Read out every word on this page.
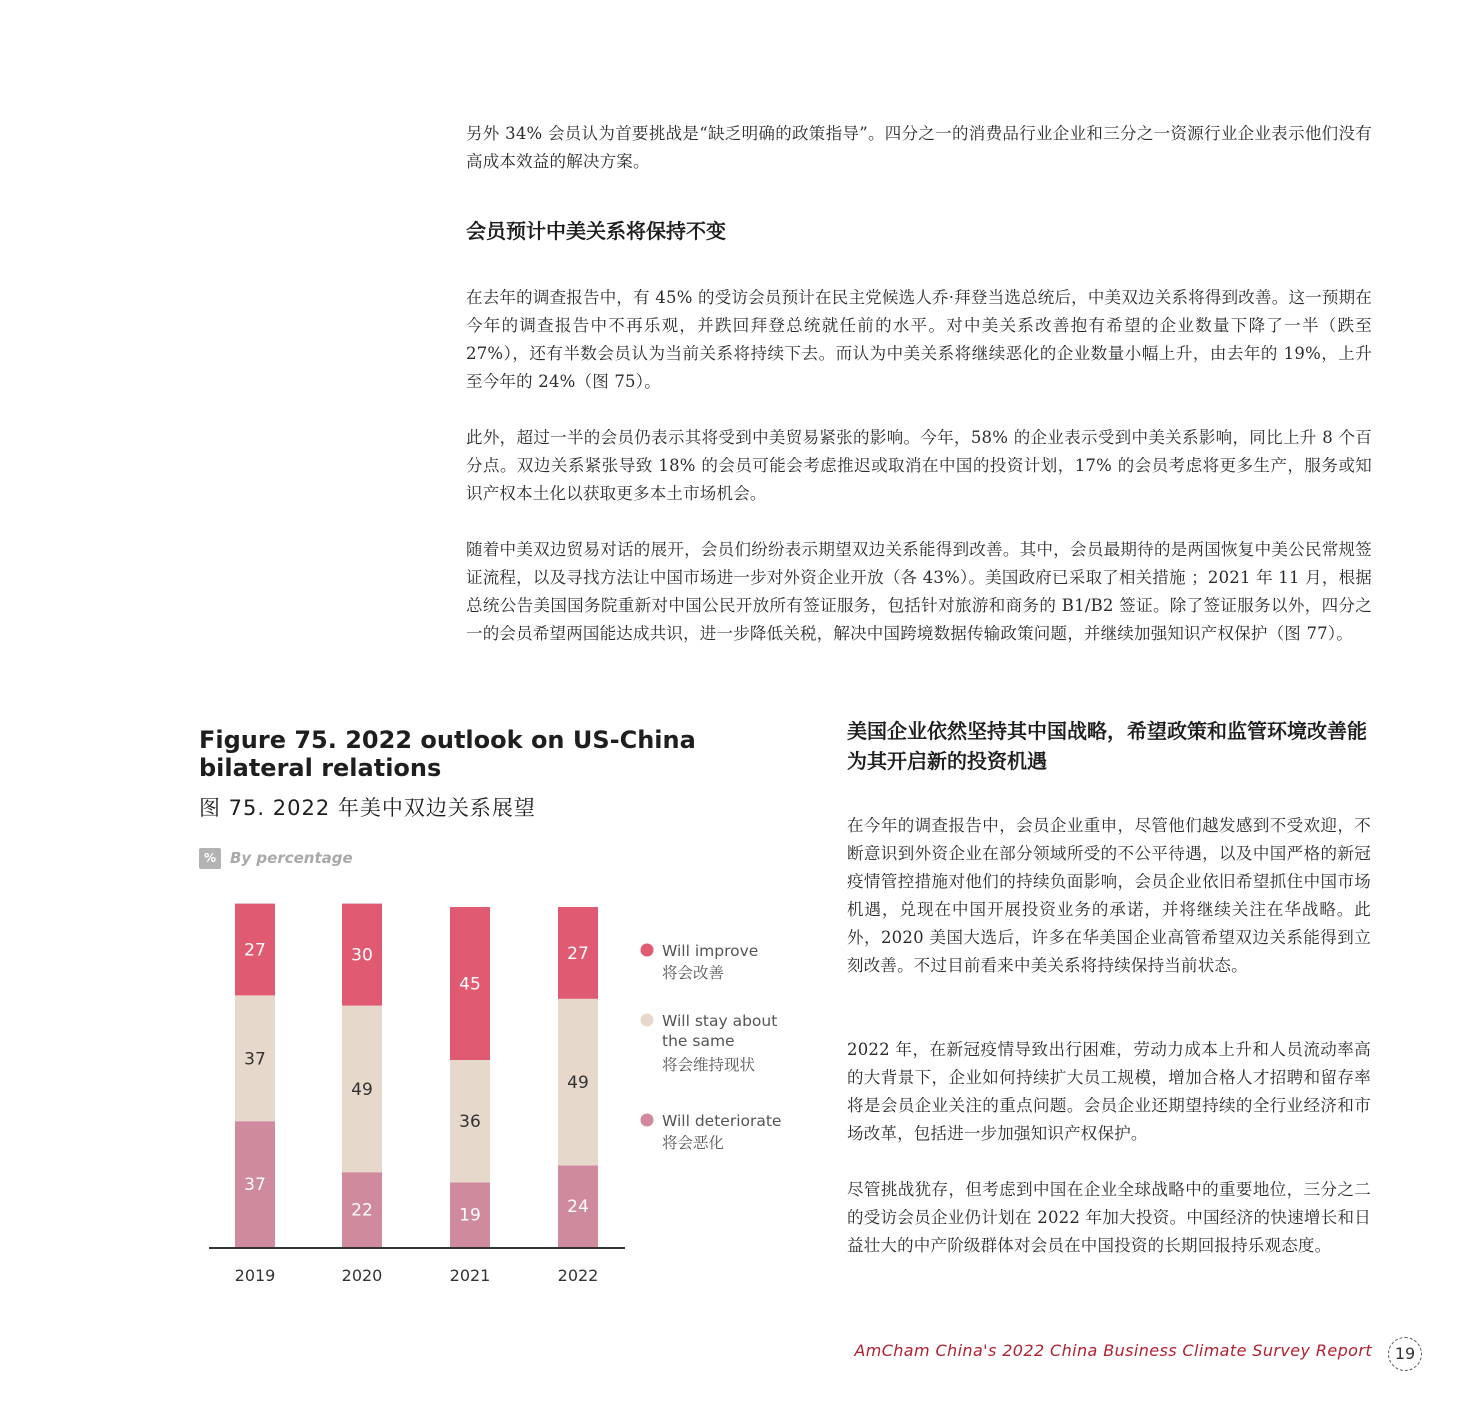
另外 34% 会员认为首要挑战是“缺乏明确的政策指导”。四分之一的消费品行业企业和三分之一资源行业企业表示他们没有高成本效益的解决方案。

会员预计中美关系将保持不变

在去年的调查报告中，有 45% 的受访会员预计在民主党候选人乔·拜登当选总统后，中美双边关系将得到改善。这一预期在今年的调查报告中不再乐观，并跌回拜登总统就任前的水平。对中美关系改善抱有希望的企业数量下降了一半（跌至 27%），还有半数会员认为当前关系将持续下去。而认为中美关系将继续恶化的企业数量小幅上升，由去年的 19%，上升至今年的 24%（图 75）。

此外，超过一半的会员仍表示其将受到中美贸易紧张的影响。今年，58% 的企业表示受到中美关系影响，同比上升 8 个百分点。双边关系紧张导致 18% 的会员可能会考虑推迟或取消在中国的投资计划，17% 的会员考虑将更多生产，服务或知识产权本土化以获取更多本土市场机会。

随着中美双边贸易对话的展开，会员们纷纷表示期望双边关系能得到改善。其中，会员最期待的是两国恢复中美公民常规签证流程，以及寻找方法让中国市场进一步对外资企业开放（各 43%）。美国政府已采取了相关措施 ；2021 年 11 月，根据总统公告美国国务院重新对中国公民开放所有签证服务，包括针对旅游和商务的 B1/B2 签证。除了签证服务以外，四分之一的会员希望两国能达成共识，进一步降低关税，解决中国跨境数据传输政策问题，并继续加强知识产权保护（图 77）。

美国企业依然坚持其中国战略，希望政策和监管环境改善能为其开启新的投资机遇

在今年的调查报告中，会员企业重申，尽管他们越发感到不受欢迎，不断意识到外资企业在部分领域所受的不公平待遇，以及中国严格的新冠疫情管控措施对他们的持续负面影响，会员企业依旧希望抓住中国市场机遇，兑现在中国开展投资业务的承诺，并将继续关注在华战略。此外，2020 美国大选后，许多在华美国企业高管希望双边关系能得到立刻改善。不过目前看来中美关系将持续保持当前状态。

2022 年，在新冠疫情导致出行困难，劳动力成本上升和人员流动率高的大背景下，企业如何持续扩大员工规模，增加合格人才招聘和留存率将是会员企业关注的重点问题。会员企业还期望持续的全行业经济和市场改革，包括进一步加强知识产权保护。

尽管挑战犹存，但考虑到中国在企业全球战略中的重要地位，三分之二的受访会员企业仍计划在 2022 年加大投资。中国经济的快速增长和日益壮大的中产阶级群体对会员在中国投资的长期回报持乐观态度。

Figure 75. 2022 outlook on US-China bilateral relations
图 75. 2022 年美中双边关系展望
% By percentage
37
37
27
2019
22
49
30
2020
19
36
45
2021
24
49
27
2022
Will improve
将会改善
Will stay about
the same
将会维持现状
Will deteriorate
将会恶化
AmCham China's 2022 China Business Climate Survey Report	19
